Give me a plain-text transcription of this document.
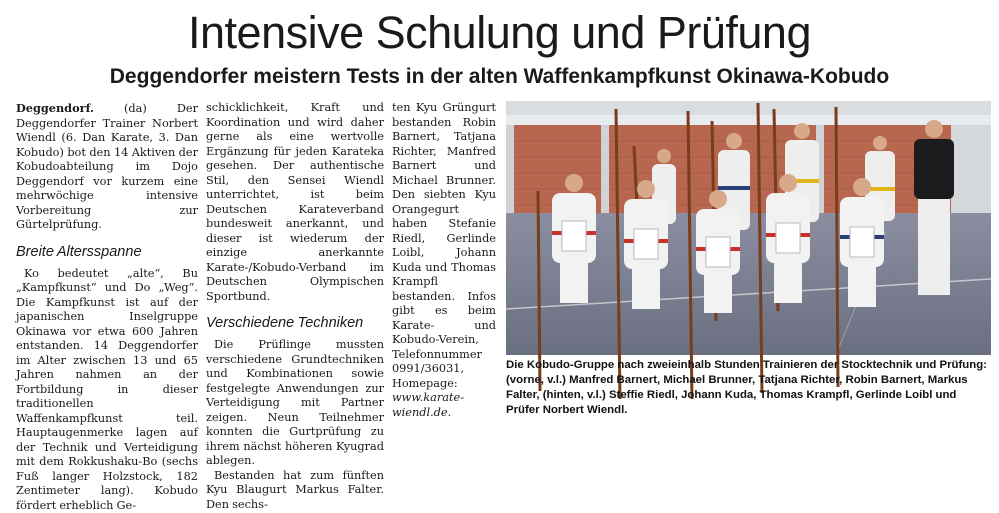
Intensive Schulung und Prüfung
Deggendorfer meistern Tests in der alten Waffenkampfkunst Okinawa-Kobudo

Deggendorf. (da) Der Deggendorfer Trainer Norbert Wiendl (6. Dan Karate, 3. Dan Kobudo) bot den 14 Aktiven der Kobudoabteilung im Dojo Deggendorf vor kurzem eine mehrwöchige intensive Vorbereitung zur Gürtelprüfung.

Breite Altersspanne

Ko bedeutet „alte“, Bu „Kampfkunst“ und Do „Weg“. Die Kampfkunst ist auf der japanischen Inselgruppe Okinawa vor etwa 600 Jahren entstanden. 14 Deggendorfer im Alter zwischen 13 und 65 Jahren nahmen an der Fortbildung in dieser traditionellen Waffenkampfkunst teil. Hauptaugenmerke lagen auf der Technik und Verteidigung mit dem Rokkushaku-Bo (sechs Fuß langer Holzstock, 182 Zentimeter lang). Kobudo fördert erheblich Ge-

schicklichkeit, Kraft und Koordination und wird daher gerne als eine wertvolle Ergänzung für jeden Karateka gesehen. Der authentische Stil, den Sensei Wiendl unterrichtet, ist beim Deutschen Karateverband bundesweit anerkannt, und dieser ist wiederum der einzige anerkannte Karate-/Kobudo-Verband im Deutschen Olympischen Sportbund.

Verschiedene Techniken

Die Prüflinge mussten verschiedene Grundtechniken und Kombinationen sowie festgelegte Anwendungen zur Verteidigung mit Partner zeigen. Neun Teilnehmer konnten die Gurtprüfung zu ihrem nächst höheren Kyugrad ablegen.

Bestanden hat zum fünften Kyu Blaugurt Markus Falter. Den sechs-

ten Kyu Grüngurt bestanden Robin Barnert, Tatjana Richter, Manfred Barnert und Michael Brunner. Den siebten Kyu Orangegurt haben Stefanie Riedl, Gerlinde Loibl, Johann Kuda und Thomas Krampfl bestanden. Infos gibt es beim Karate- und Kobudo-Verein, Telefonnummer 0991/36031, Homepage:

www.karate-wiendl.de.

Die Kobudo-Gruppe nach zweieinhalb Stunden Trainieren der Stocktechnik und Prüfung: (vorne, v.l.) Manfred Barnert, Michael Brunner, Tatjana Richter, Robin Barnert, Markus Falter, (hinten, v.l.) Steffie Riedl, Johann Kuda, Thomas Krampfl, Gerlinde Loibl und Prüfer Norbert Wiendl.
